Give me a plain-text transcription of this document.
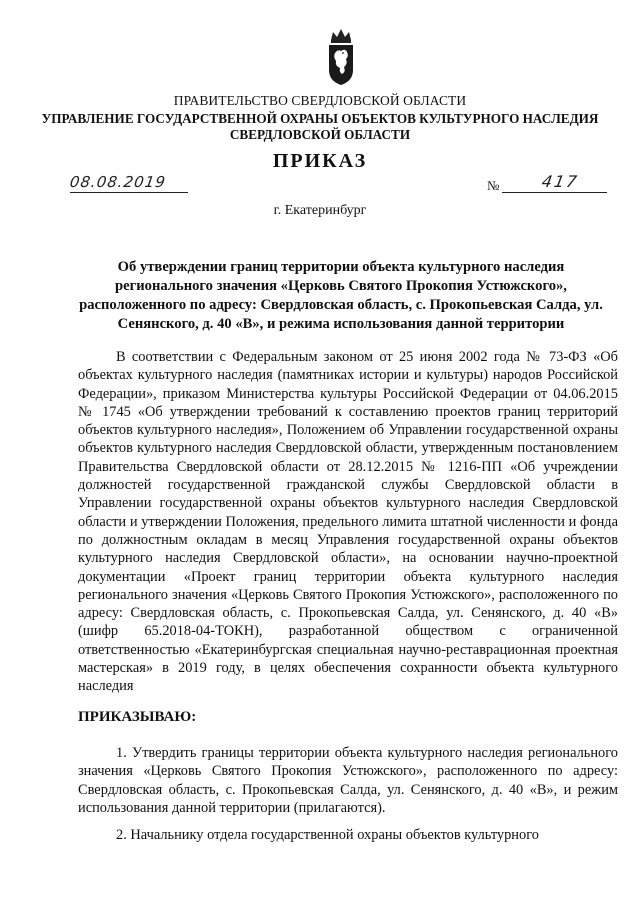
ПРАВИТЕЛЬСТВО СВЕРДЛОВСКОЙ ОБЛАСТИ
УПРАВЛЕНИЕ ГОСУДАРСТВЕННОЙ ОХРАНЫ ОБЪЕКТОВ КУЛЬТУРНОГО НАСЛЕДИЯ
СВЕРДЛОВСКОЙ ОБЛАСТИ
ПРИКАЗ
08.08.2019	№	417
г. Екатеринбург
Об утверждении границ территории объекта культурного наследия регионального значения «Церковь Святого Прокопия Устюжского», расположенного по адресу: Свердловская область, с. Прокопьевская Салда, ул. Сенянского, д. 40 «В», и режима использования данной территории
В соответствии с Федеральным законом от 25 июня 2002 года № 73-ФЗ «Об объектах культурного наследия (памятниках истории и культуры) народов Российской Федерации», приказом Министерства культуры Российской Федерации от 04.06.2015 № 1745 «Об утверждении требований к составлению проектов границ территорий объектов культурного наследия», Положением об Управлении государственной охраны объектов культурного наследия Свердловской области, утвержденным постановлением Правительства Свердловской области от 28.12.2015 № 1216-ПП «Об учреждении должностей государственной гражданской службы Свердловской области в Управлении государственной охраны объектов культурного наследия Свердловской области и утверждении Положения, предельного лимита штатной численности и фонда по должностным окладам в месяц Управления государственной охраны объектов культурного наследия Свердловской области», на основании научно-проектной документации «Проект границ территории объекта культурного наследия регионального значения «Церковь Святого Прокопия Устюжского», расположенного по адресу: Свердловская область, с. Прокопьевская Салда, ул. Сенянского, д. 40 «В» (шифр 65.2018-04-ТОКН), разработанной обществом с ограниченной ответственностью «Екатеринбургская специальная научно-реставрационная проектная мастерская» в 2019 году, в целях обеспечения сохранности объекта культурного наследия
ПРИКАЗЫВАЮ:
1. Утвердить границы территории объекта культурного наследия регионального значения «Церковь Святого Прокопия Устюжского», расположенного по адресу: Свердловская область, с. Прокопьевская Салда, ул. Сенянского, д. 40 «В», и режим использования данной территории (прилагаются).
2. Начальнику отдела государственной охраны объектов культурного
